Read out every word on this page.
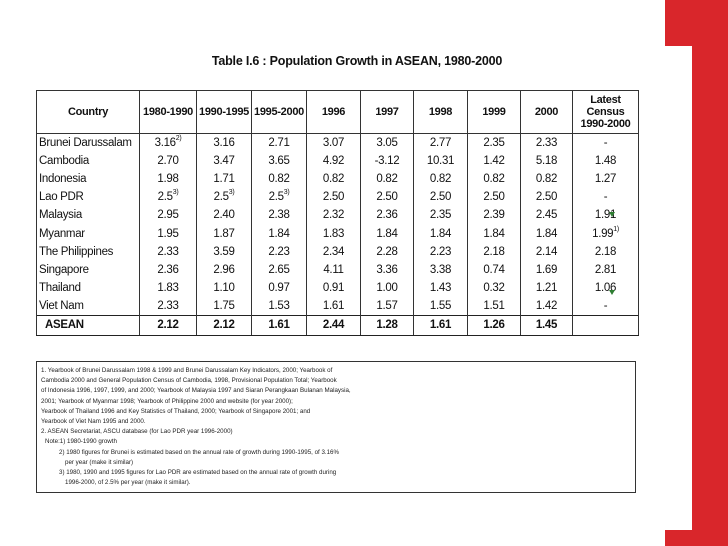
Table I.6 : Population Growth in ASEAN, 1980-2000
Country	1980-1990	1990-1995	1995-2000	1996	1997	1998	1999	2000	Latest Census 1990-2000
Brunei Darussalam	3.16$^{2)}$	3.16	2.71	3.07	3.05	2.77	2.35	2.33	-
Cambodia	2.70	3.47	3.65	4.92	-3.12	10.31	1.42	5.18	1.48
Indonesia	1.98	1.71	0.82	0.82	0.82	0.82	0.82	0.82	1.27
Lao PDR	2.5$^{3)}$	2.5$^{3)}$	2.5$^{3)}$	2.50	2.50	2.50	2.50	2.50	-
Malaysia	2.95	2.40	2.38	2.32	2.36	2.35	2.39	2.45	1.91
Myanmar	1.95	1.87	1.84	1.83	1.84	1.84	1.84	1.84	1.99$^{1)}$
The Philippines	2.33	3.59	2.23	2.34	2.28	2.23	2.18	2.14	2.18
Singapore	2.36	2.96	2.65	4.11	3.36	3.38	0.74	1.69	2.81
Thailand	1.83	1.10	0.97	0.91	1.00	1.43	0.32	1.21	1.06
Viet Nam	2.33	1.75	1.53	1.61	1.57	1.55	1.51	1.42	-
ASEAN	2.12	2.12	1.61	2.44	1.28	1.61	1.26	1.45	
1. Yearbook of Brunei Darussalam 1998 & 1999 and Brunei Darussalam Key Indicators, 2000; Yearbook of
Cambodia 2000 and General Population Census of Cambodia, 1998, Provisional Population Total; Yearbook
of Indonesia 1996, 1997, 1999, and 2000; Yearbook of Malaysia 1997 and Siaran Perangkaan Bulanan Malaysia,
2001; Yearbook of Myanmar 1998; Yearbook of Philippine 2000 and website (for year 2000);
Yearbook of Thailand 1996 and Key Statistics of Thailand, 2000; Yearbook of Singapore 2001; and
Yearbook of Viet Nam 1995 and 2000.
2. ASEAN Secretariat, ASCU database (for Lao PDR year 1996-2000)
Note:1) 1980-1990 growth
2) 1980 figures for Brunei is estimated based on the annual rate of growth during 1990-1995, of 3.16%
per year (make it similar)
3) 1980, 1990 and 1995 figures for Lao PDR are estimated based on the annual rate of growth during
1996-2000, of 2.5% per year (make it similar).
